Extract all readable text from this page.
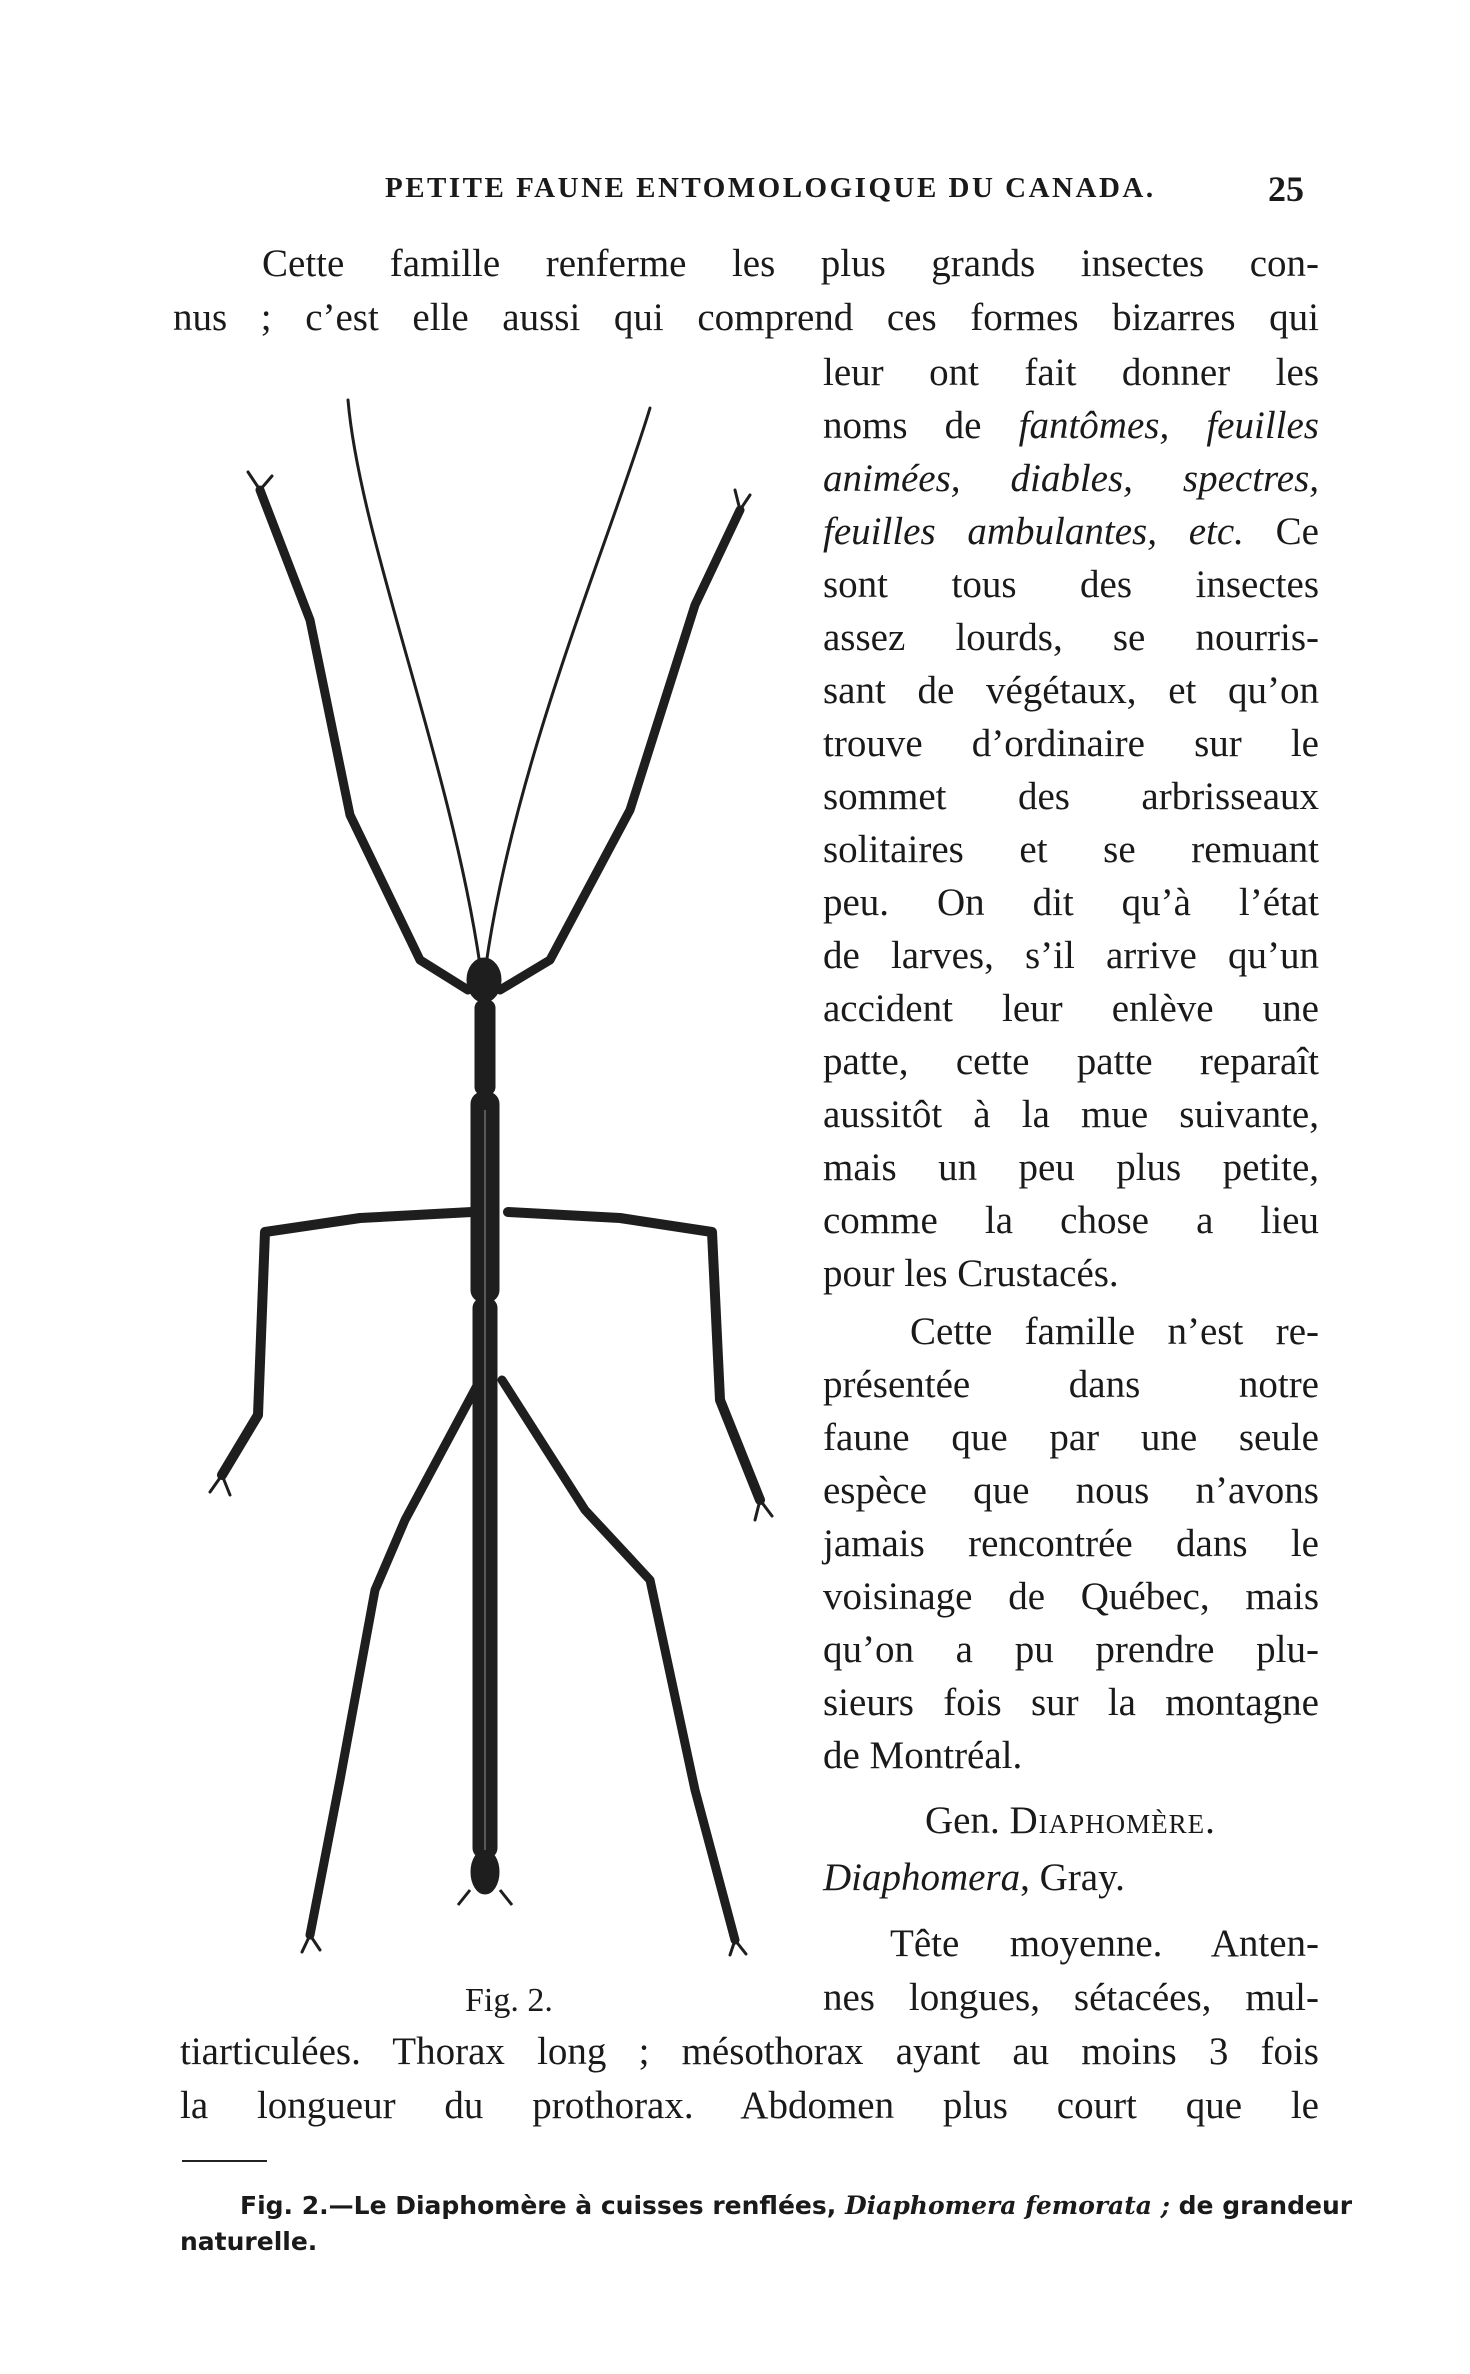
PETITE FAUNE ENTOMOLOGIQUE DU CANADA.	25
Cette famille renferme les plus grands insectes con-
nus ; c’est elle aussi qui comprend ces formes bizarres qui
leur ont fait donner les
noms de fantômes, feuilles
animées, diables, spectres,
feuilles ambulantes, etc. Ce
sont tous des insectes
assez lourds, se nourris-
sant de végétaux, et qu’on
trouve d’ordinaire sur le
sommet des arbrisseaux
solitaires et se remuant
peu. On dit qu’à l’état
de larves, s’il arrive qu’un
accident leur enlève une
patte, cette patte reparaît
aussitôt à la mue suivante,
mais un peu plus petite,
comme la chose a lieu
pour les Crustacés.
Cette famille n’est re-
présentée dans notre
faune que par une seule
espèce que nous n’avons
jamais rencontrée dans le
voisinage de Québec, mais
qu’on a pu prendre plu-
sieurs fois sur la montagne
de Montréal.
Gen. Diaphomère.
Diaphomera, Gray.
Tête moyenne. Anten-
nes longues, sétacées, mul-
tiarticulées. Thorax long ; mésothorax ayant au moins 3 fois
la longueur du prothorax. Abdomen plus court que le
Fig. 2.
Fig. 2.—Le Diaphomère à cuisses renflées, Diaphomera femorata ; de grandeur
naturelle.
